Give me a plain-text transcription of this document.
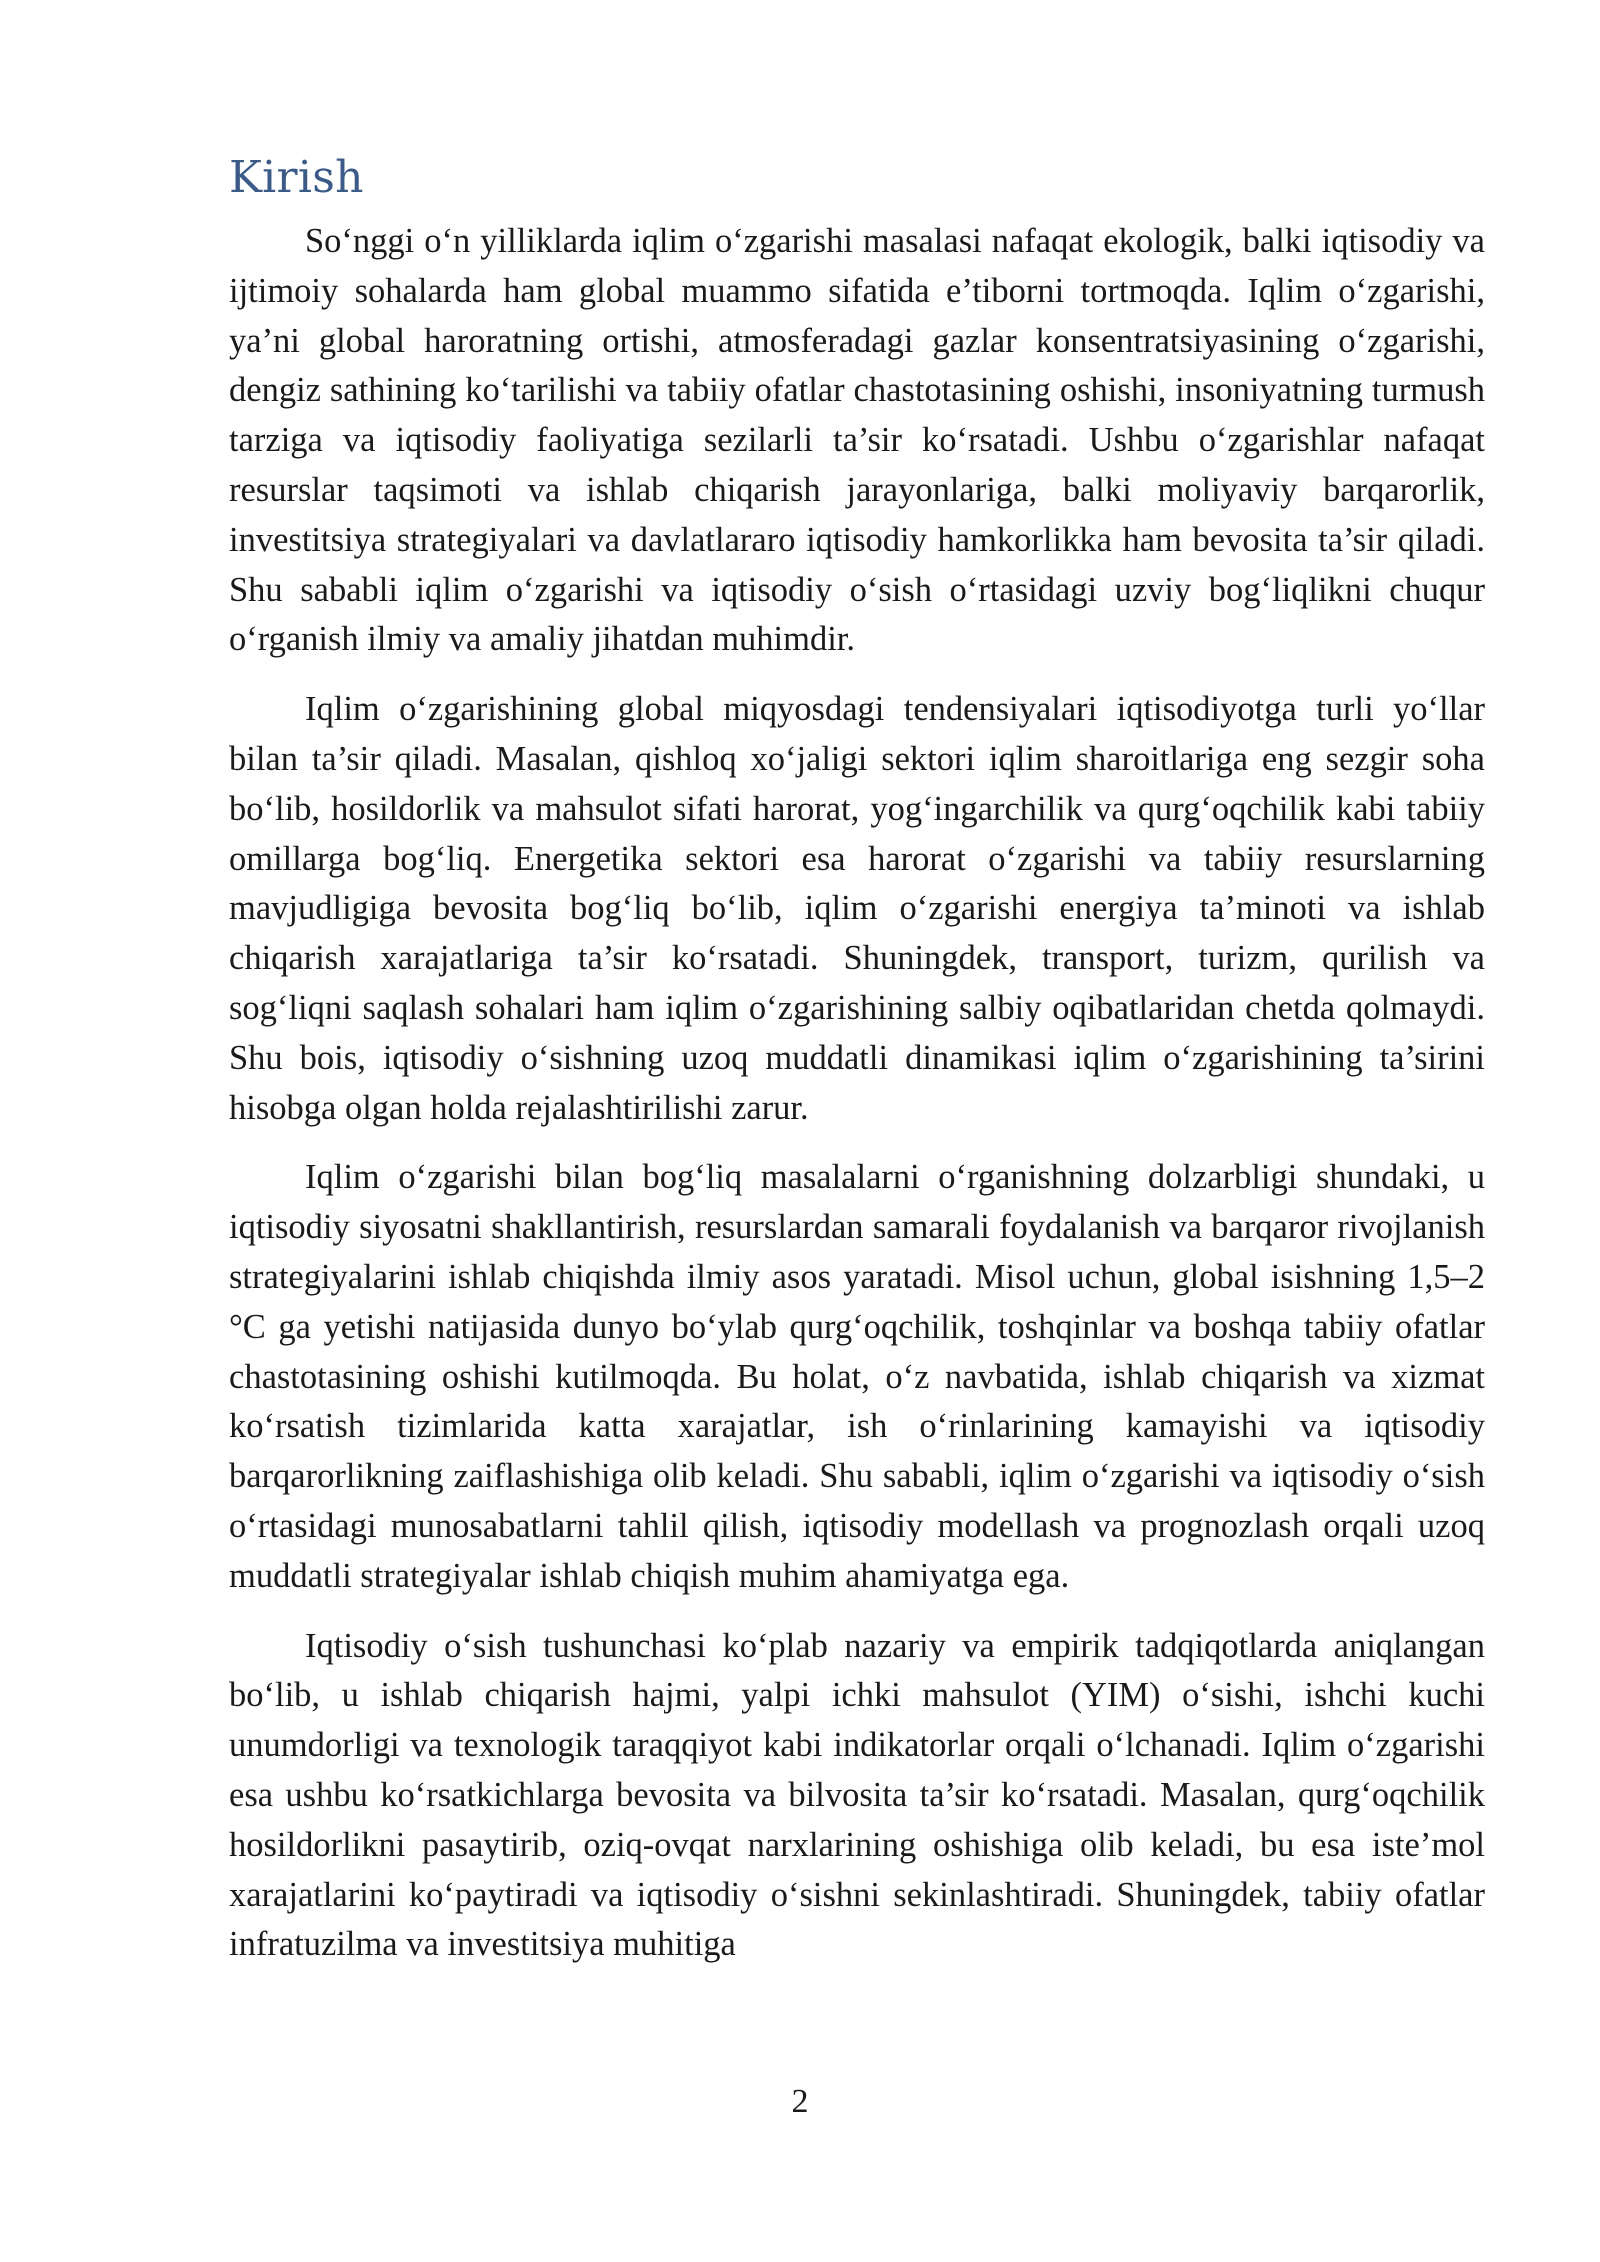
Kirish

So‘nggi o‘n yilliklarda iqlim o‘zgarishi masalasi nafaqat ekologik, balki iqtisodiy va ijtimoiy sohalarda ham global muammo sifatida e’tiborni tortmoqda. Iqlim o‘zgarishi, ya’ni global haroratning ortishi, atmosferadagi gazlar konsentratsiyasining o‘zgarishi, dengiz sathining ko‘tarilishi va tabiiy ofatlar chastotasining oshishi, insoniyatning turmush tarziga va iqtisodiy faoliyatiga sezilarli ta’sir ko‘rsatadi. Ushbu o‘zgarishlar nafaqat resurslar taqsimoti va ishlab chiqarish jarayonlariga, balki moliyaviy barqarorlik, investitsiya strategiyalari va davlatlararo iqtisodiy hamkorlikka ham bevosita ta’sir qiladi. Shu sababli iqlim o‘zgarishi va iqtisodiy o‘sish o‘rtasidagi uzviy bog‘liqlikni chuqur o‘rganish ilmiy va amaliy jihatdan muhimdir.

Iqlim o‘zgarishining global miqyosdagi tendensiyalari iqtisodiyotga turli yo‘llar bilan ta’sir qiladi. Masalan, qishloq xo‘jaligi sektori iqlim sharoitlariga eng sezgir soha bo‘lib, hosildorlik va mahsulot sifati harorat, yog‘ingarchilik va qurg‘oqchilik kabi tabiiy omillarga bog‘liq. Energetika sektori esa harorat o‘zgarishi va tabiiy resurslarning mavjudligiga bevosita bog‘liq bo‘lib, iqlim o‘zgarishi energiya ta’minoti va ishlab chiqarish xarajatlariga ta’sir ko‘rsatadi. Shuningdek, transport, turizm, qurilish va sog‘liqni saqlash sohalari ham iqlim o‘zgarishining salbiy oqibatlaridan chetda qolmaydi. Shu bois, iqtisodiy o‘sishning uzoq muddatli dinamikasi iqlim o‘zgarishining ta’sirini hisobga olgan holda rejalashtirilishi zarur.

Iqlim o‘zgarishi bilan bog‘liq masalalarni o‘rganishning dolzarbligi shundaki, u iqtisodiy siyosatni shakllantirish, resurslardan samarali foydalanish va barqaror rivojlanish strategiyalarini ishlab chiqishda ilmiy asos yaratadi. Misol uchun, global isishning 1,5–2 °C ga yetishi natijasida dunyo bo‘ylab qurg‘oqchilik, toshqinlar va boshqa tabiiy ofatlar chastotasining oshishi kutilmoqda. Bu holat, o‘z navbatida, ishlab chiqarish va xizmat ko‘rsatish tizimlarida katta xarajatlar, ish o‘rinlarining kamayishi va iqtisodiy barqarorlikning zaiflashishiga olib keladi. Shu sababli, iqlim o‘zgarishi va iqtisodiy o‘sish o‘rtasidagi munosabatlarni tahlil qilish, iqtisodiy modellash va prognozlash orqali uzoq muddatli strategiyalar ishlab chiqish muhim ahamiyatga ega.

Iqtisodiy o‘sish tushunchasi ko‘plab nazariy va empirik tadqiqotlarda aniqlangan bo‘lib, u ishlab chiqarish hajmi, yalpi ichki mahsulot (YIM) o‘sishi, ishchi kuchi unumdorligi va texnologik taraqqiyot kabi indikatorlar orqali o‘lchanadi. Iqlim o‘zgarishi esa ushbu ko‘rsatkichlarga bevosita va bilvosita ta’sir ko‘rsatadi. Masalan, qurg‘oqchilik hosildorlikni pasaytirib, oziq-ovqat narxlarining oshishiga olib keladi, bu esa iste’mol xarajatlarini ko‘paytiradi va iqtisodiy o‘sishni sekinlashtiradi. Shuningdek, tabiiy ofatlar infratuzilma va investitsiya muhitiga

2
